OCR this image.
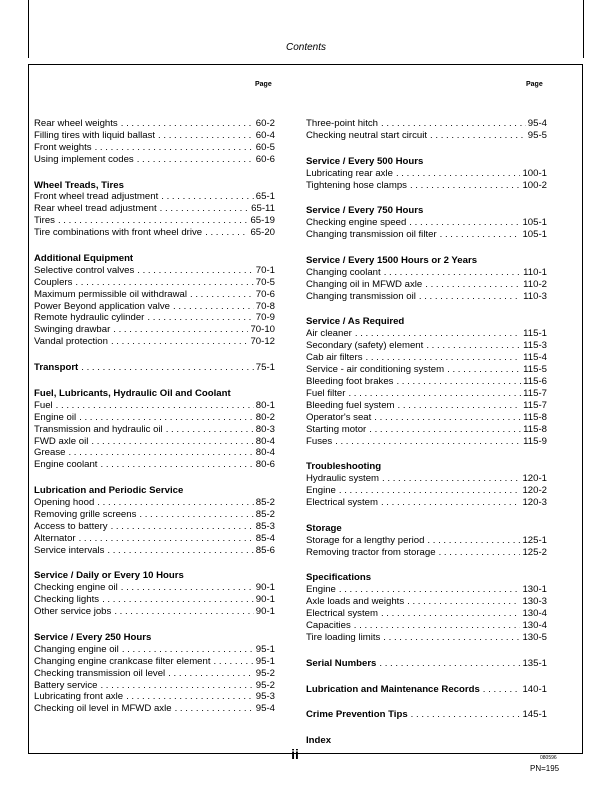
Contents
Page	Page
Rear wheel weights . . .	60-2
Filling tires with liquid ballast . . .	60-4
Front weights . . .	60-5
Using implement codes . . .	60-6
Wheel Treads, Tires
Front wheel tread adjustment . . .	65-1
Rear wheel tread adjustment . . .	65-11
Tires . . .	65-19
Tire combinations with front wheel drive . . .	65-20
Additional Equipment
Selective control valves . . .	70-1
Couplers . . .	70-5
Maximum permissible oil withdrawal . . .	70-6
Power Beyond application valve . . .	70-8
Remote hydraulic cylinder . . .	70-9
Swinging drawbar . . .	70-10
Vandal protection . . .	70-12
Transport . . .	75-1
Fuel, Lubricants, Hydraulic Oil and Coolant
Fuel . . .	80-1
Engine oil . . .	80-2
Transmission and hydraulic oil . . .	80-3
FWD axle oil . . .	80-4
Grease . . .	80-4
Engine coolant . . .	80-6
Lubrication and Periodic Service
Opening hood . . .	85-2
Removing grille screens . . .	85-2
Access to battery . . .	85-3
Alternator . . .	85-4
Service intervals . . .	85-6
Service / Daily or Every 10 Hours
Checking engine oil . . .	90-1
Checking lights . . .	90-1
Other service jobs . . .	90-1
Service / Every 250 Hours
Changing engine oil . . .	95-1
Changing engine crankcase filter element . . .	95-1
Checking transmission oil level . . .	95-2
Battery service . . .	95-2
Lubricating front axle . . .	95-3
Checking oil level in MFWD axle . . .	95-4
Three-point hitch . . .	95-4
Checking neutral start circuit . . .	95-5
Service / Every 500 Hours
Lubricating rear axle . . .	100-1
Tightening hose clamps . . .	100-2
Service / Every 750 Hours
Checking engine speed . . .	105-1
Changing transmission oil filter . . .	105-1
Service / Every 1500 Hours or 2 Years
Changing coolant . . .	110-1
Changing oil in MFWD axle . . .	110-2
Changing transmission oil . . .	110-3
Service / As Required
Air cleaner . . .	115-1
Secondary (safety) element . . .	115-3
Cab air filters . . .	115-4
Service - air conditioning system . . .	115-5
Bleeding foot brakes . . .	115-6
Fuel filter . . .	115-7
Bleeding fuel system . . .	115-7
Operator's seat . . .	115-8
Starting motor . . .	115-8
Fuses . . .	115-9
Troubleshooting
Hydraulic system . . .	120-1
Engine . . .	120-2
Electrical system . . .	120-3
Storage
Storage for a lengthy period . . .	125-1
Removing tractor from storage . . .	125-2
Specifications
Engine . . .	130-1
Axle loads and weights . . .	130-3
Electrical system . . .	130-4
Capacities . . .	130-4
Tire loading limits . . .	130-5
Serial Numbers . . .	135-1
Lubrication and Maintenance Records . . .	140-1
Crime Prevention Tips . . .	145-1
Index
ii	080596
PN=195
